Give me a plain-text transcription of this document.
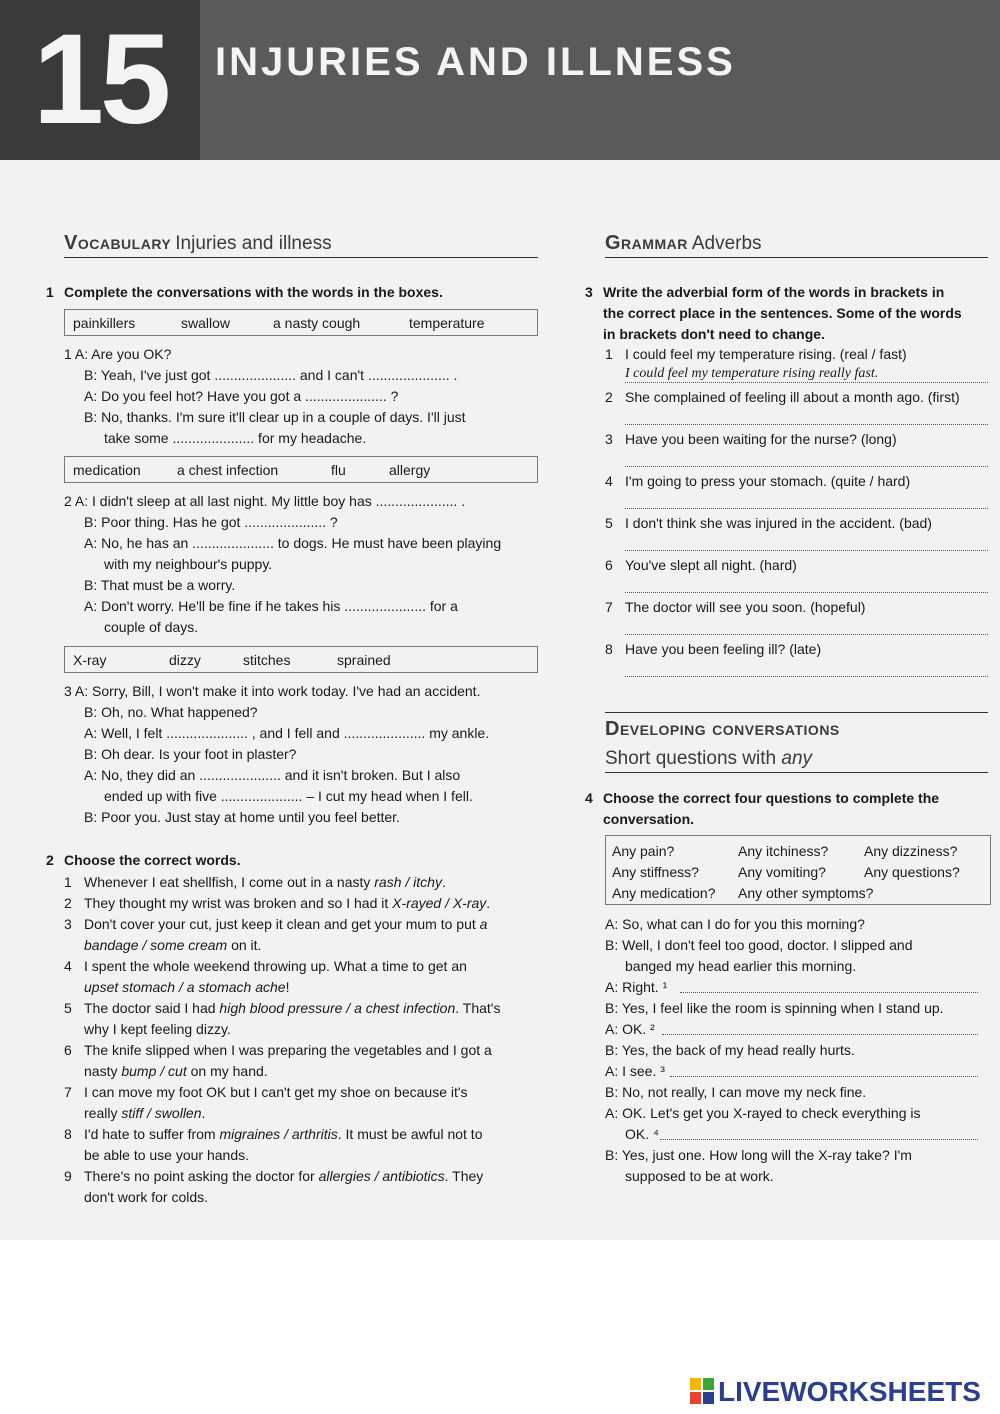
15	INJURIES AND ILLNESS
Vocabulary Injuries and illness
1 Complete the conversations with the words in the boxes.
painkillers	swallow	a nasty cough	temperature
1 A: Are you OK?
B: Yeah, I've just got ..................... and I can't ..................... .
A: Do you feel hot? Have you got a ..................... ?
B: No, thanks. I'm sure it'll clear up in a couple of days. I'll just
take some ..................... for my headache.
medication	a chest infection	flu	allergy
2 A: I didn't sleep at all last night. My little boy has ..................... .
B: Poor thing. Has he got ..................... ?
A: No, he has an ..................... to dogs. He must have been playing
with my neighbour's puppy.
B: That must be a worry.
A: Don't worry. He'll be fine if he takes his ..................... for a
couple of days.
X-ray	dizzy	stitches	sprained
3 A: Sorry, Bill, I won't make it into work today. I've had an accident.
B: Oh, no. What happened?
A: Well, I felt ..................... , and I fell and ..................... my ankle.
B: Oh dear. Is your foot in plaster?
A: No, they did an ..................... and it isn't broken. But I also
ended up with five ..................... – I cut my head when I fell.
B: Poor you. Just stay at home until you feel better.
2 Choose the correct words.
1 Whenever I eat shellfish, I come out in a nasty rash / itchy.
2 They thought my wrist was broken and so I had it X-rayed / X-ray.
3 Don't cover your cut, just keep it clean and get your mum to put a
bandage / some cream on it.
4 I spent the whole weekend throwing up. What a time to get an
upset stomach / a stomach ache!
5 The doctor said I had high blood pressure / a chest infection. That's
why I kept feeling dizzy.
6 The knife slipped when I was preparing the vegetables and I got a
nasty bump / cut on my hand.
7 I can move my foot OK but I can't get my shoe on because it's
really stiff / swollen.
8 I'd hate to suffer from migraines / arthritis. It must be awful not to
be able to use your hands.
9 There's no point asking the doctor for allergies / antibiotics. They
don't work for colds.
Grammar Adverbs
3 Write the adverbial form of the words in brackets in
the correct place in the sentences. Some of the words
in brackets don't need to change.
1 I could feel my temperature rising. (real / fast)
I could feel my temperature rising really fast.
2 She complained of feeling ill about a month ago. (first)
3 Have you been waiting for the nurse? (long)
4 I'm going to press your stomach. (quite / hard)
5 I don't think she was injured in the accident. (bad)
6 You've slept all night. (hard)
7 The doctor will see you soon. (hopeful)
8 Have you been feeling ill? (late)
Developing conversations
Short questions with any
4 Choose the correct four questions to complete the
conversation.
Any pain?	Any itchiness?	Any dizziness?
Any stiffness?	Any vomiting?	Any questions?
Any medication? Any other symptoms?
A: So, what can I do for you this morning?
B: Well, I don't feel too good, doctor. I slipped and
banged my head earlier this morning.
A: Right. ¹
B: Yes, I feel like the room is spinning when I stand up.
A: OK. ²
B: Yes, the back of my head really hurts.
A: I see. ³
B: No, not really, I can move my neck fine.
A: OK. Let's get you X-rayed to check everything is
OK. ⁴
B: Yes, just one. How long will the X-ray take? I'm
supposed to be at work.
LIVEWORKSHEETS
